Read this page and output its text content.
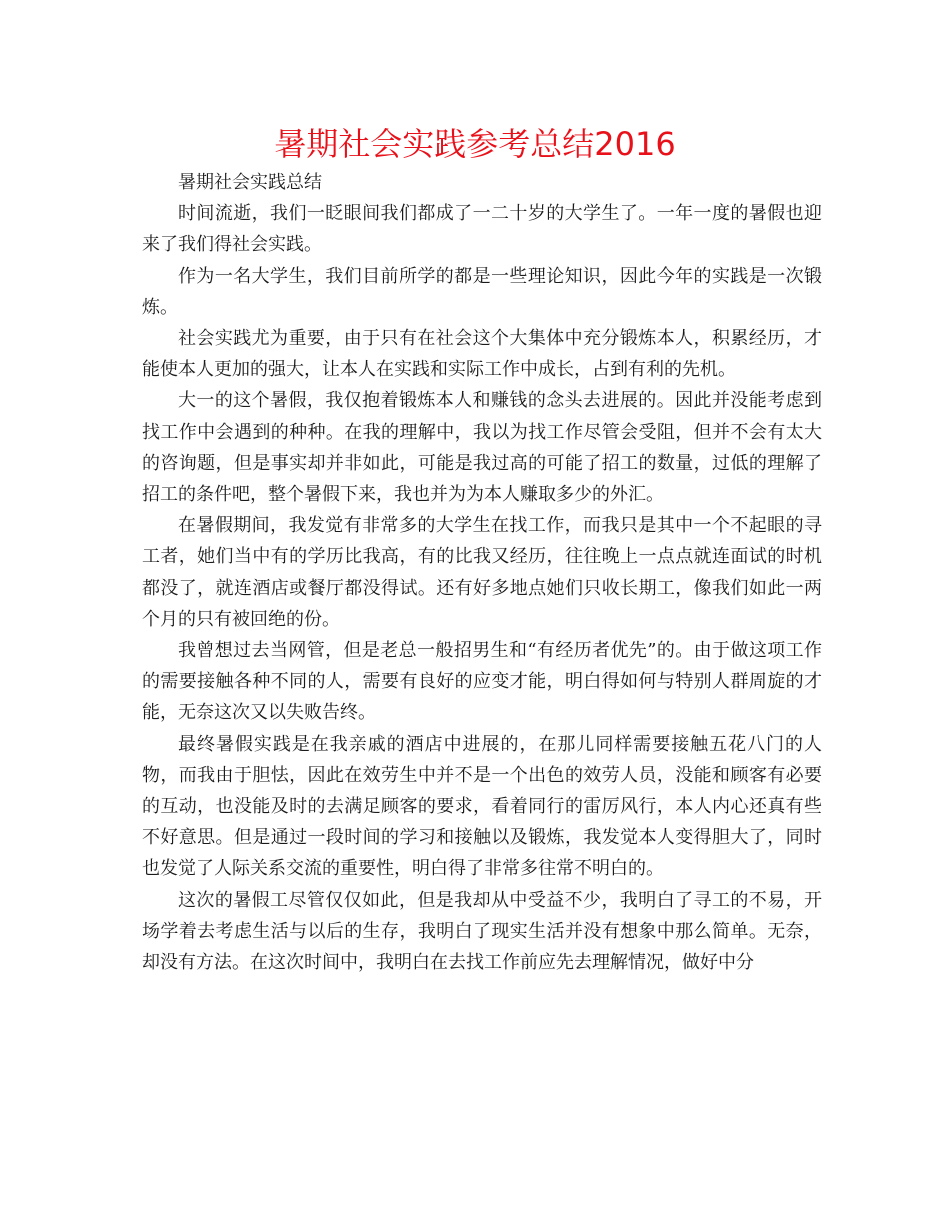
暑期社会实践参考总结2016

暑期社会实践总结

时间流逝，我们一眨眼间我们都成了一二十岁的大学生了。一年一度的暑假也迎来了我们得社会实践。

作为一名大学生，我们目前所学的都是一些理论知识，因此今年的实践是一次锻炼。

社会实践尤为重要，由于只有在社会这个大集体中充分锻炼本人，积累经历，才能使本人更加的强大，让本人在实践和实际工作中成长，占到有利的先机。

大一的这个暑假，我仅抱着锻炼本人和赚钱的念头去进展的。因此并没能考虑到找工作中会遇到的种种。在我的理解中，我以为找工作尽管会受阻，但并不会有太大的咨询题，但是事实却并非如此，可能是我过高的可能了招工的数量，过低的理解了招工的条件吧，整个暑假下来，我也并为为本人赚取多少的外汇。

在暑假期间，我发觉有非常多的大学生在找工作，而我只是其中一个不起眼的寻工者，她们当中有的学历比我高，有的比我又经历，往往晚上一点点就连面试的时机都没了，就连酒店或餐厅都没得试。还有好多地点她们只收长期工，像我们如此一两个月的只有被回绝的份。

我曾想过去当网管，但是老总一般招男生和“有经历者优先”的。由于做这项工作的需要接触各种不同的人，需要有良好的应变才能，明白得如何与特别人群周旋的才能，无奈这次又以失败告终。

最终暑假实践是在我亲戚的酒店中进展的，在那儿同样需要接触五花八门的人物，而我由于胆怯，因此在效劳生中并不是一个出色的效劳人员，没能和顾客有必要的互动，也没能及时的去满足顾客的要求，看着同行的雷厉风行，本人内心还真有些不好意思。但是通过一段时间的学习和接触以及锻炼，我发觉本人变得胆大了，同时也发觉了人际关系交流的重要性，明白得了非常多往常不明白的。

这次的暑假工尽管仅仅如此，但是我却从中受益不少，我明白了寻工的不易，开场学着去考虑生活与以后的生存，我明白了现实生活并没有想象中那么简单。无奈，却没有方法。在这次时间中，我明白在去找工作前应先去理解情况，做好中分
